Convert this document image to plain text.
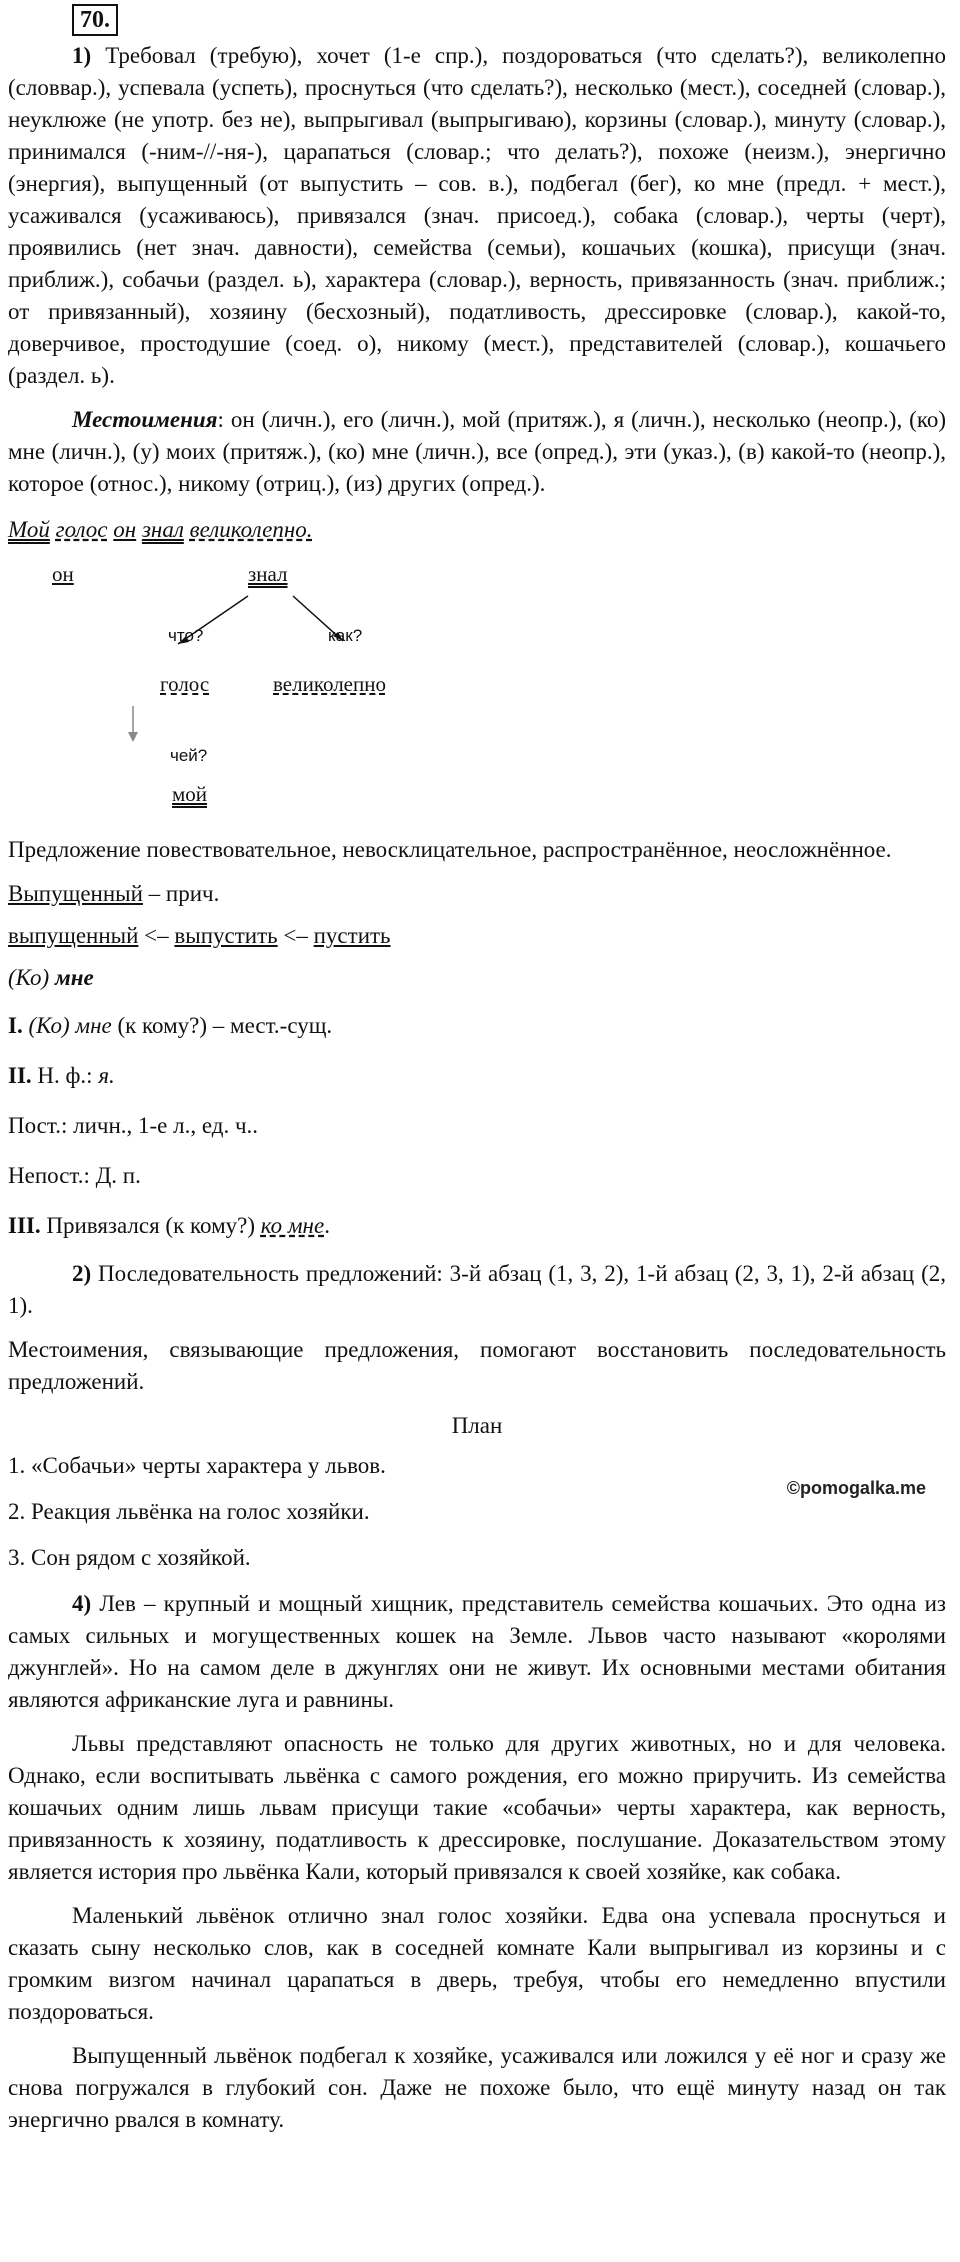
70.

1) Требовал (требую), хочет (1-е спр.), поздороваться (что сделать?), великолепно (словвар.), успевала (успеть), проснуться (что сделать?), несколько (мест.), соседней (словар.), неуклюже (не употр. без не), выпрыгивал (выпрыгиваю), корзины (словар.), минуту (словар.), принимался (-ним-//-ня-), царапаться (словар.; что делать?), похоже (неизм.), энергично (энергия), выпущенный (от выпустить – сов. в.), подбегал (бег), ко мне (предл. + мест.), усаживался (усаживаюсь), привязался (знач. присоед.), собака (словар.), черты (черт), проявились (нет знач. давности), семейства (семьи), кошачьих (кошка), присущи (знач. приближ.), собачьи (раздел. ь), характера (словар.), верность, привязанность (знач. приближ.; от привязанный), хозяину (бесхозный), податливость, дрессировке (словар.), какой-то, доверчивое, простодушие (соед. о), никому (мест.), представителей (словар.), кошачьего (раздел. ь).

Местоимения: он (личн.), его (личн.), мой (притяж.), я (личн.), несколько (неопр.), (ко) мне (личн.), (у) моих (притяж.), (ко) мне (личн.), все (опред.), эти (указ.), (в) какой-то (неопр.), которое (относ.), никому (отриц.), (из) других (опред.).

Мой голос он знал великолепно.
он	знал
что?	как?
голос	великолепно
чей?
мой

Предложение повествовательное, невосклицательное, распространённое, неосложнённое.

Выпущенный – прич.
выпущенный <– выпустить <– пустить
(Ко) мне
I. (Ко) мне (к кому?) – мест.-сущ.
II. Н. ф.: я.
Пост.: личн., 1-е л., ед. ч..
Непост.: Д. п.
III. Привязался (к кому?) ко мне.

2) Последовательность предложений: 3-й абзац (1, 3, 2), 1-й абзац (2, 3, 1), 2-й абзац (2, 1).

Местоимения, связывающие предложения, помогают восстановить последовательность предложений.

План
1. «Собачьи» черты характера у львов.
2. Реакция львёнка на голос хозяйки.
3. Сон рядом с хозяйкой.

4) Лев – крупный и мощный хищник, представитель семейства кошачьих. Это одна из самых сильных и могущественных кошек на Земле. Львов часто называют «королями джунглей». Но на самом деле в джунглях они не живут. Их основными местами обитания являются африканские луга и равнины.

Львы представляют опасность не только для других животных, но и для человека. Однако, если воспитывать львёнка с самого рождения, его можно приручить. Из семейства кошачьих одним лишь львам присущи такие «собачьи» черты характера, как верность, привязанность к хозяину, податливость к дрессировке, послушание. Доказательством этому является история про львёнка Кали, который привязался к своей хозяйке, как собака.

Маленький львёнок отлично знал голос хозяйки. Едва она успевала проснуться и сказать сыну несколько слов, как в соседней комнате Кали выпрыгивал из корзины и с громким визгом начинал царапаться в дверь, требуя, чтобы его немедленно впустили поздороваться.

Выпущенный львёнок подбегал к хозяйке, усаживался или ложился у её ног и сразу же снова погружался в глубокий сон. Даже не похоже было, что ещё минуту назад он так энергично рвался в комнату.

©pomogalka.me
